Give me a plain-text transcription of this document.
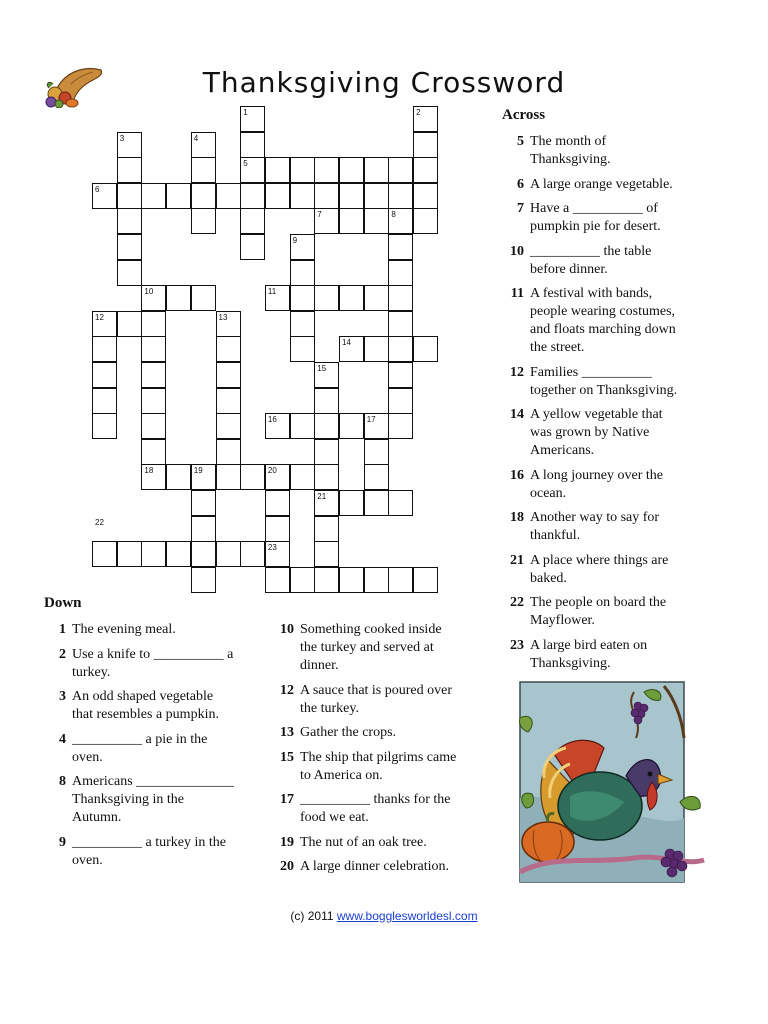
Thanksgiving Crossword
1	2
3	4
5
6
7	8
9
10	11
12	13
14
15
16	17
18	19	20
21
22
23
Across
5 The month of
Thanksgiving.
6 A large orange vegetable.
7 Have a __________ of
pumpkin pie for desert.
10 __________ the table
before dinner.
11 A festival with bands,
people wearing costumes,
and floats marching down
the street.
12 Families __________
together on Thanksgiving.
14 A yellow vegetable that
was grown by Native
Americans.
16 A long journey over the
ocean.
18 Another way to say for
thankful.
21 A place where things are
baked.
22 The people on board the
Mayflower.
23 A large bird eaten on
Thanksgiving.
Down
1 The evening meal.
2 Use a knife to __________ a
turkey.
3 An odd shaped vegetable
that resembles a pumpkin.
4 __________ a pie in the
oven.
8 Americans ______________
Thanksgiving in the
Autumn.
9 __________ a turkey in the
oven.
10 Something cooked inside
the turkey and served at
dinner.
12 A sauce that is poured over
the turkey.
13 Gather the crops.
15 The ship that pilgrims came
to America on.
17 __________ thanks for the
food we eat.
19 The nut of an oak tree.
20 A large dinner celebration.
(c) 2011 www.bogglesworldesl.com
